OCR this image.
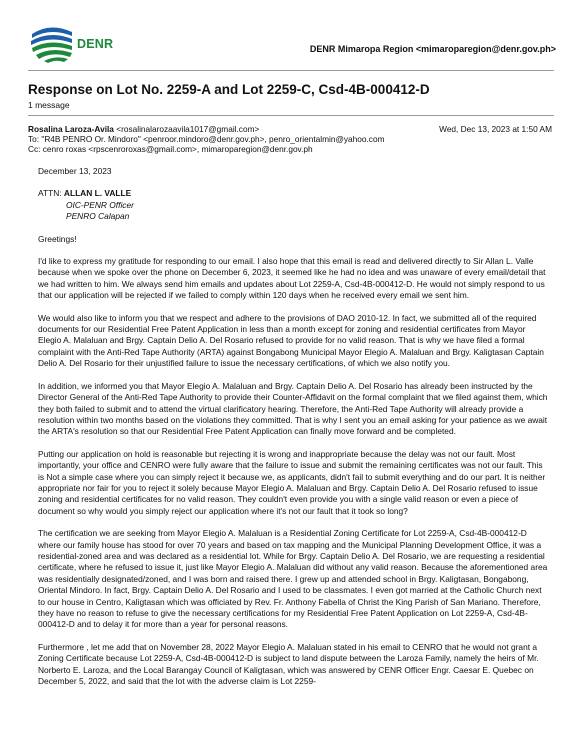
DENR	DENR Mimaropa Region <mimaroparegion@denr.gov.ph>
Response on Lot No. 2259-A and Lot 2259-C, Csd-4B-000412-D
1 message
Rosalina Laroza-Avila <rosalinalarozaavila1017@gmail.com>	Wed, Dec 13, 2023 at 1:50 AM
To: "R4B PENRO Or. Mindoro" <penroor.mindoro@denr.gov.ph>, penro_orientalmin@yahoo.com
Cc: cenro roxas <rpscenroroxas@gmail.com>, mimaroparegion@denr.gov.ph

December 13, 2023

ATTN: ALLAN L. VALLE
OIC-PENR Officer
PENRO Calapan

Greetings!

I'd like to express my gratitude for responding to our email. I also hope that this email is read and delivered directly to Sir Allan L. Valle because when we spoke over the phone on December 6, 2023, it seemed like he had no idea and was unaware of every email/detail that we had written to him. We always send him emails and updates about Lot 2259-A, Csd-4B-000412-D. He would not simply respond to us that our application will be rejected if we failed to comply within 120 days when he received every email we sent him.

We would also like to inform you that we respect and adhere to the provisions of DAO 2010-12. In fact, we submitted all of the required documents for our Residential Free Patent Application in less than a month except for zoning and residential certificates from Mayor Elegio A. Malaluan and Brgy. Captain Delio A. Del Rosario refused to provide for no valid reason. That is why we have filed a formal complaint with the Anti-Red Tape Authority (ARTA) against Bongabong Municipal Mayor Elegio A. Malaluan and Brgy. Kaligtasan Captain Delio A. Del Rosario for their unjustified failure to issue the necessary certifications, of which we also notify you.

In addition, we informed you that Mayor Elegio A. Malaluan and Brgy. Captain Delio A. Del Rosario has already been instructed by the Director General of the Anti-Red Tape Authority to provide their Counter-Affidavit on the formal complaint that we filed against them, which they both failed to submit and to attend the virtual clarificatory hearing. Therefore, the Anti-Red Tape Authority will already provide a resolution within two months based on the violations they committed. That is why I sent you an email asking for your patience as we await the ARTA's resolution so that our Residential Free Patent Application can finally move forward and be completed.

Putting our application on hold is reasonable but rejecting it is wrong and inappropriate because the delay was not our fault. Most importantly, your office and CENRO were fully aware that the failure to issue and submit the remaining certificates was not our fault. This is Not a simple case where you can simply reject it because we, as applicants, didn't fail to submit everything and do our part. It is neither appropriate nor fair for you to reject it solely because Mayor Elegio A. Malaluan and Brgy. Captain Delio A. Del Rosario refused to issue zoning and residential certificates for no valid reason. They couldn't even provide you with a single valid reason or even a piece of document so why would you simply reject our application where it's not our fault that it took so long?

The certification we are seeking from Mayor Elegio A. Malaluan is a Residential Zoning Certificate for Lot 2259-A, Csd-4B-000412-D where our family house has stood for over 70 years and based on tax mapping and the Municipal Planning Development Office, it was a residential-zoned area and was declared as a residential lot. While for Brgy. Captain Delio A. Del Rosario, we are requesting a residential certificate, where he refused to issue it, just like Mayor Elegio A. Malaluan did without any valid reason. Because the aforementioned area was residentially designated/zoned, and I was born and raised there. I grew up and attended school in Brgy. Kaligtasan, Bongabong, Oriental Mindoro. In fact, Brgy. Captain Delio A. Del Rosario and I used to be classmates. I even got married at the Catholic Church next to our house in Centro, Kaligtasan which was officiated by Rev. Fr. Anthony Fabella of Christ the King Parish of San Mariano. Therefore, they have no reason to refuse to give the necessary certifications for my Residential Free Patent Application on Lot 2259-A, Csd-4B-000412-D and to delay it for more than a year for personal reasons.

Furthermore , let me add that on November 28, 2022 Mayor Elegio A. Malaluan stated in his email to CENRO that he would not grant a Zoning Certificate because Lot 2259-A, Csd-4B-000412-D is subject to land dispute between the Laroza Family, namely the heirs of Mr. Norberto E. Laroza, and the Local Barangay Council of Kaligtasan, which was answered by CENR Officer Engr. Caesar E. Quebec on December 5, 2022, and said that the lot with the adverse claim is Lot 2259-
